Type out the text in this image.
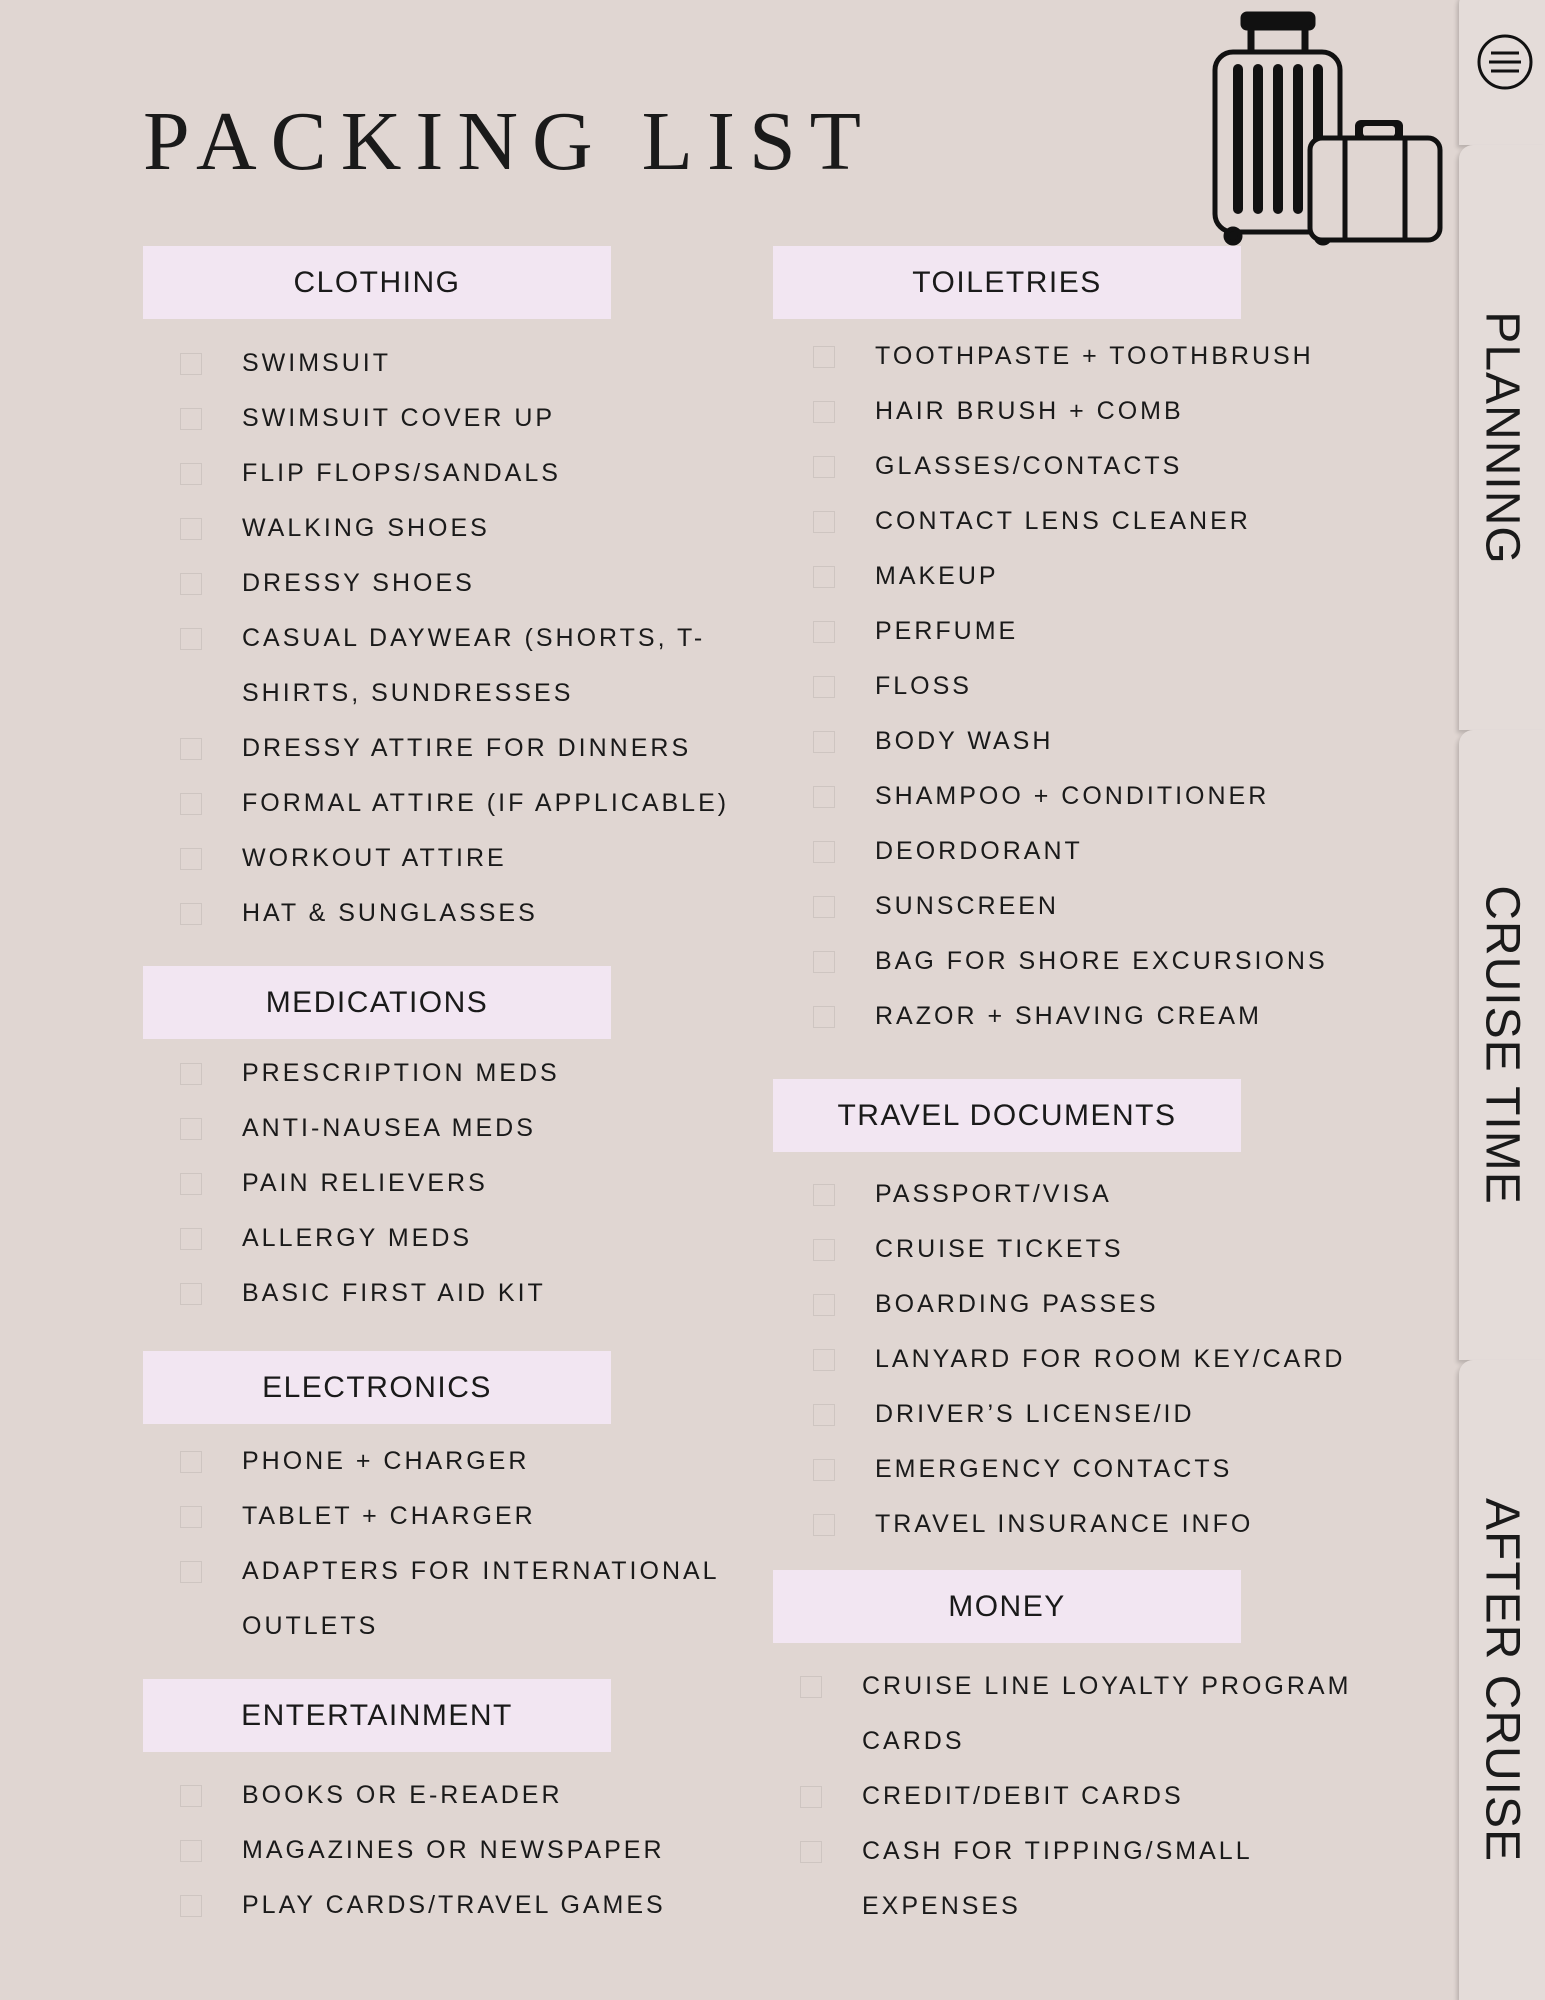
PACKING LIST
CLOTHING
SWIMSUIT
SWIMSUIT COVER UP
FLIP FLOPS/SANDALS
WALKING SHOES
DRESSY SHOES
CASUAL DAYWEAR (SHORTS, T-
SHIRTS, SUNDRESSES
DRESSY ATTIRE FOR DINNERS
FORMAL ATTIRE (IF APPLICABLE)
WORKOUT ATTIRE
HAT & SUNGLASSES
MEDICATIONS
PRESCRIPTION MEDS
ANTI-NAUSEA MEDS
PAIN RELIEVERS
ALLERGY MEDS
BASIC FIRST AID KIT
ELECTRONICS
PHONE + CHARGER
TABLET + CHARGER
ADAPTERS FOR INTERNATIONAL
OUTLETS
ENTERTAINMENT
BOOKS OR E-READER
MAGAZINES OR NEWSPAPER
PLAY CARDS/TRAVEL GAMES
TOILETRIES
TOOTHPASTE + TOOTHBRUSH
HAIR BRUSH + COMB
GLASSES/CONTACTS
CONTACT LENS CLEANER
MAKEUP
PERFUME
FLOSS
BODY WASH
SHAMPOO + CONDITIONER
DEORDORANT
SUNSCREEN
BAG FOR SHORE EXCURSIONS
RAZOR + SHAVING CREAM
TRAVEL DOCUMENTS
PASSPORT/VISA
CRUISE TICKETS
BOARDING PASSES
LANYARD FOR ROOM KEY/CARD
DRIVER’S LICENSE/ID
EMERGENCY CONTACTS
TRAVEL INSURANCE INFO
MONEY
CRUISE LINE LOYALTY PROGRAM
CARDS
CREDIT/DEBIT CARDS
CASH FOR TIPPING/SMALL
EXPENSES
PLANNING
CRUISE TIME
AFTER CRUISE
